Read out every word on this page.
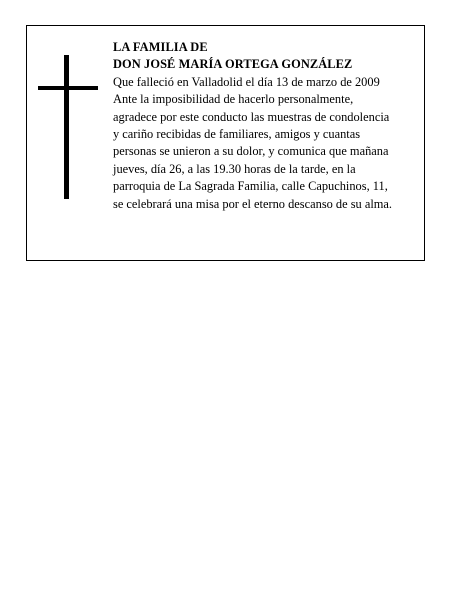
LA FAMILIA DE
DON JOSÉ MARÍA ORTEGA GONZÁLEZ
Que falleció en Valladolid el día 13 de marzo de 2009
Ante la imposibilidad de hacerlo personalmente,
agradece por este conducto las muestras de condolencia
y cariño recibidas de familiares, amigos y cuantas
personas se unieron a su dolor, y comunica que mañana
jueves, día 26, a las 19.30 horas de la tarde, en la
parroquia de La Sagrada Familia, calle Capuchinos, 11,
se celebrará una misa por el eterno descanso de su alma.
